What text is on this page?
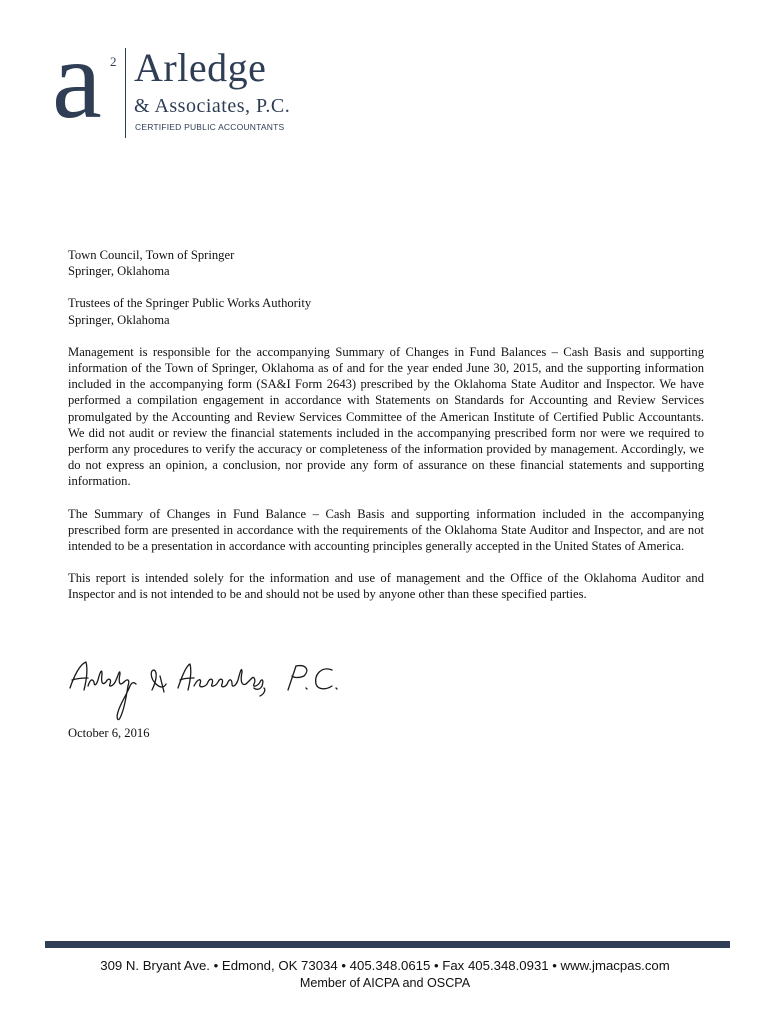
a 2 Arledge
& Associates, P.C.
CERTIFIED PUBLIC ACCOUNTANTS

Town Council, Town of Springer

Springer, Oklahoma

Trustees of the Springer Public Works Authority

Springer, Oklahoma

Management is responsible for the accompanying Summary of Changes in Fund Balances – Cash Basis and supporting information of the Town of Springer, Oklahoma as of and for the year ended June 30, 2015, and the supporting information included in the accompanying form (SA&I Form 2643) prescribed by the Oklahoma State Auditor and Inspector. We have performed a compilation engagement in accordance with Statements on Standards for Accounting and Review Services promulgated by the Accounting and Review Services Committee of the American Institute of Certified Public Accountants. We did not audit or review the financial statements included in the accompanying prescribed form nor were we required to perform any procedures to verify the accuracy or completeness of the information provided by management. Accordingly, we do not express an opinion, a conclusion, nor provide any form of assurance on these financial statements and supporting information.

The Summary of Changes in Fund Balance – Cash Basis and supporting information included in the accompanying prescribed form are presented in accordance with the requirements of the Oklahoma State Auditor and Inspector, and are not intended to be a presentation in accordance with accounting principles generally accepted in the United States of America.

This report is intended solely for the information and use of management and the Office of the Oklahoma Auditor and Inspector and is not intended to be and should not be used by anyone other than these specified parties.

October 6, 2016
309 N. Bryant Ave. • Edmond, OK 73034 • 405.348.0615 • Fax 405.348.0931 • www.jmacpas.com
Member of AICPA and OSCPA
